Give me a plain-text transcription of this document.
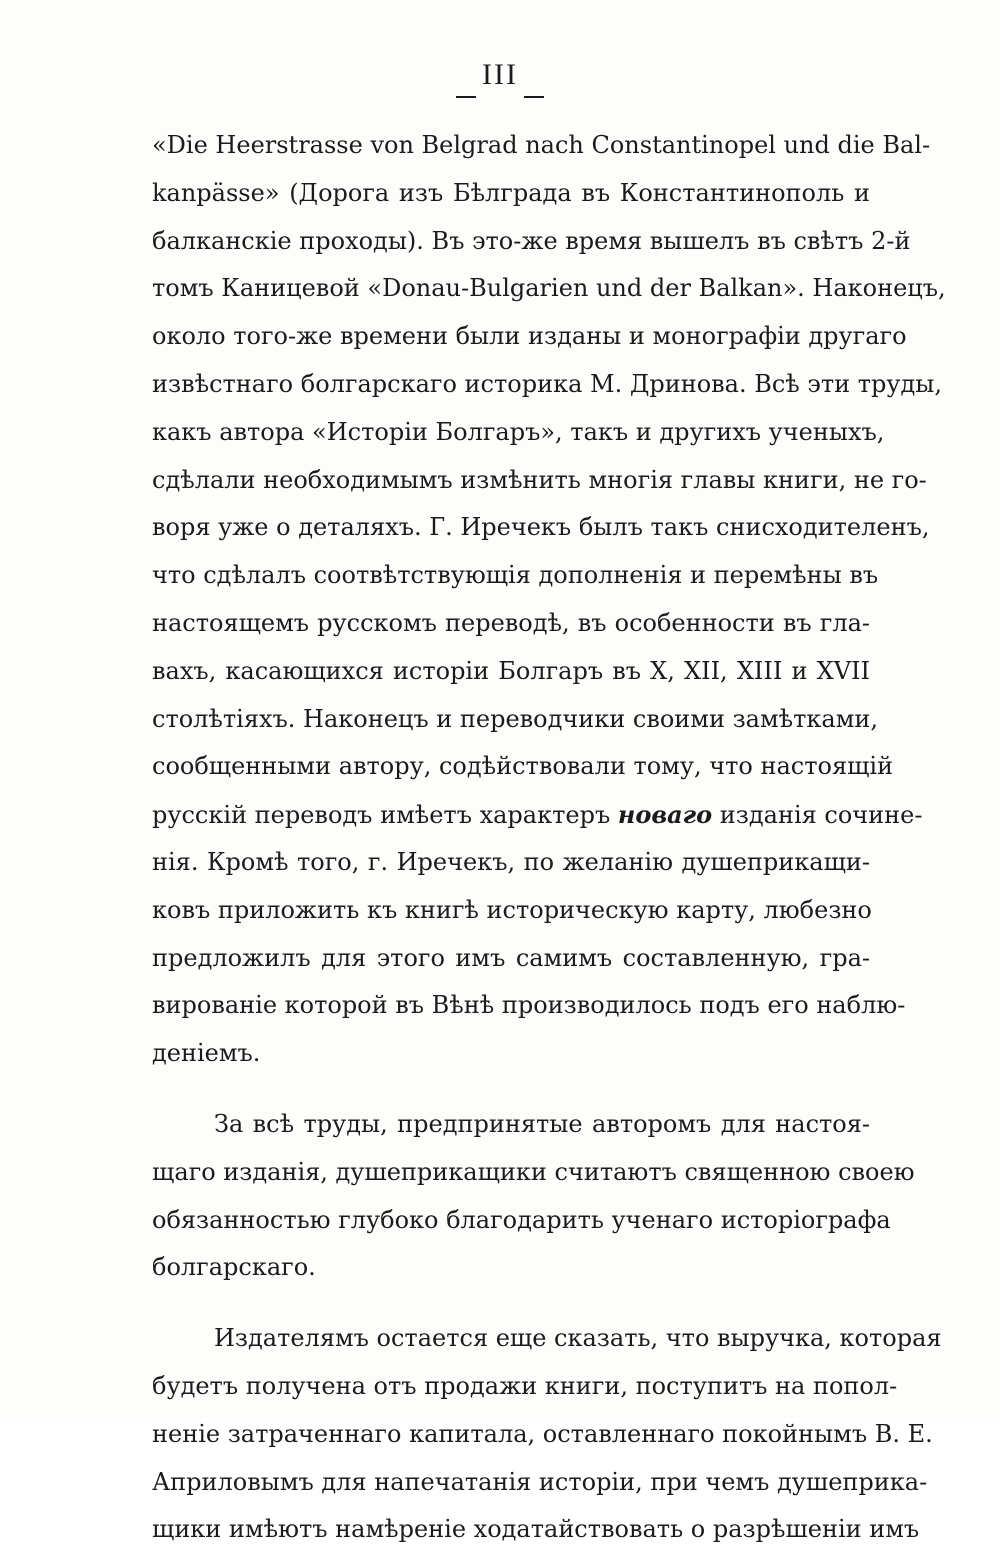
III

«Die Heerstrasse von Belgrad nach Constantinopel und die Bal-
kanpässe» (Дорога изъ Бѣлграда въ Константинополь и
балканскіе проходы). Въ это-же время вышелъ въ свѣтъ 2-й
томъ Каницевой «Donau-Bulgarien und der Balkan». Наконецъ,
около того-же времени были изданы и монографіи другаго
извѣстнаго болгарскаго историка М. Дринова. Всѣ эти труды,
какъ автора «Исторіи Болгаръ», такъ и другихъ ученыхъ,
сдѣлали необходимымъ измѣнить многія главы книги, не го-
воря уже о деталяхъ. Г. Иречекъ былъ такъ снисходителенъ,
что сдѣлалъ соотвѣтствующія дополненія и перемѣны въ
настоящемъ русскомъ переводѣ, въ особенности въ гла-
вахъ, касающихся исторіи Болгаръ въ X, XII, XIII и XVII
столѣтіяхъ. Наконецъ и переводчики своими замѣтками,
сообщенными автору, содѣйствовали тому, что настоящій
русскій переводъ имѣетъ характеръ новаго изданія сочине-
нія. Кромѣ того, г. Иречекъ, по желанію душеприкащи-
ковъ приложить къ книгѣ историческую карту, любезно
предложилъ для этого имъ самимъ составленную, гра-
вированіе которой въ Вѣнѣ производилось подъ его наблю-
деніемъ.

За всѣ труды, предпринятые авторомъ для настоя-
щаго изданія, душеприкащики считаютъ священною своею
обязанностью глубоко благодарить ученаго исторіографа
болгарскаго.

Издателямъ остается еще сказать, что выручка, которая
будетъ получена отъ продажи книги, поступитъ на попол-
неніе затраченнаго капитала, оставленнаго покойнымъ В. Е.
Априловымъ для напечатанія исторіи, при чемъ душеприка-
щики имѣютъ намѣреніе ходатайствовать о разрѣшеніи имъ
